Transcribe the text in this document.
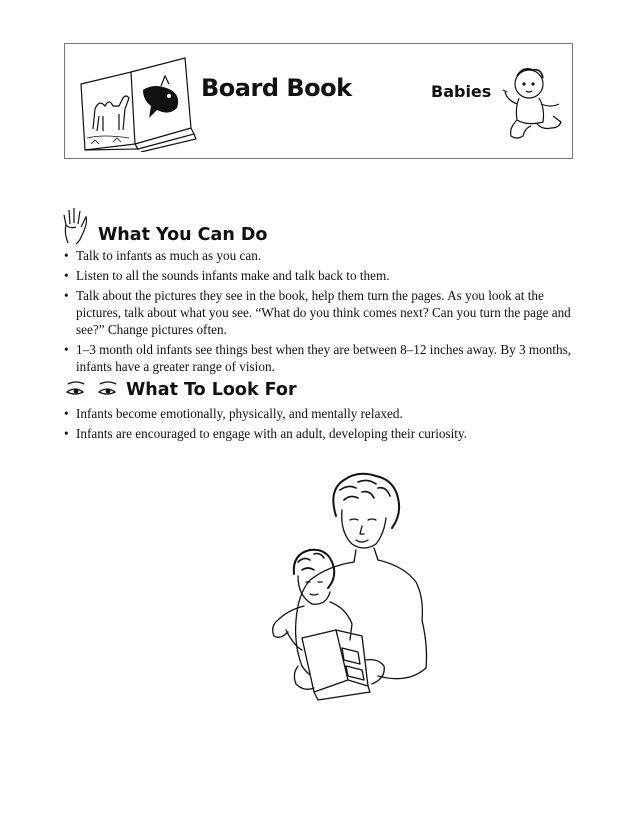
Board Book	Babies
What You Can Do
• Talk to infants as much as you can.
• Listen to all the sounds infants make and talk back to them.
• Talk about the pictures they see in the book, help them turn the pages. As you look at the pictures, talk about what you see. “What do you think comes next? Can you turn the page and see?” Change pictures often.
• 1–3 month old infants see things best when they are between 8–12 inches away. By 3 months, infants have a greater range of vision.
What To Look For
• Infants become emotionally, physically, and mentally relaxed.
• Infants are encouraged to engage with an adult, developing their curiosity.
